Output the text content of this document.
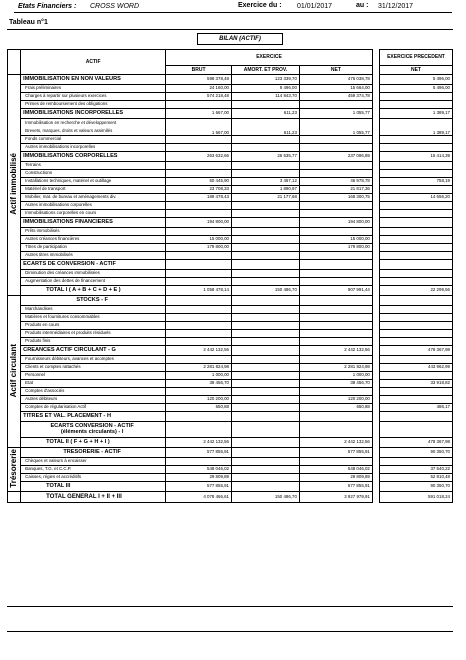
Etats Financiers : CROSS WORD	Exercice du : 01/01/2017	au : 31/12/2017
Tableau n°1
BILAN (ACTIF)
	ACTIF	EXERCICE				EXERCICE PRECEDENT
		BRUT	AMORT. ET PROV.	NET		NET
Actif immobilisé	IMMOBILISATION EN NON VALEURS	598 378,48	123 339,70	475 038,78		5 496,00
	Frais préliminaires	24 160,00	8 496,00	15 664,00		5 496,00
	Charges à repartir sur plusieurs exercices	574 218,48	114 843,70	459 374,78		
	Primes de remboursement des obligations					
	IMMOBILISATIONS INCORPORELLES	1 667,00	611,23	1 055,77		1 389,17

	Immobilisation en recherche et développement
Brevets, marques, droits et valeurs assimilés	1 667,00	611,23	1 055,77		1 389,17
	Fonds commercial					
	Autres immobilisations incorporelles					
	IMMOBILISATIONS CORPORELLES	263 632,66	26 535,77	237 096,89		15 414,39
	Terrains					
	Constructions					
	Installations techniques, matériel et outillage	50 445,90	3 467,12	46 978,78		758,19
	Matériel de transport	23 708,33	1 890,97	21 817,36		
	Mobilier, mat. de bureau et aménagements div.	189 478,43	21 177,68	168 300,75		14 656,20
	Autres immobilisations corporelles					
	Immobilisations corporelles en cours					
	IMMOBILISATIONS FINANCIERES	194 800,00		194 800,00		
	Prêts immobilisés					
	Autres créances financières	15 000,00		15 000,00		
	Titres de participation	179 800,00		179 800,00		
	Autres titres immobilisés					
	ECARTS DE CONVERSION - ACTIF					
	Diminution des créances immobilisées					
	Augmentation des dettes de financement					
	TOTAL I ( A + B + C + D + E )	1 058 478,14	150 486,70	907 991,44		22 299,56
Actif circulant	STOCKS - F					
	Marchandises					
	Matières et fournitures consommables					
	Produits en cours					
	Produits intermédiaires et produits résiduels					
	Produits finis					
	CREANCES ACTIF CIRCULANT - G	2 442 132,56		2 442 132,56		478 367,98
	Fournisseurs débiteurs, avances et acomptes					
	Clients et comptes rattachés	2 281 824,98		2 281 824,98		443 962,99
	Personnel	1 000,00		1 000,00		
	Etat	38 456,70		38 456,70		33 918,82
	Comptes d'associés					
	Autres débiteurs	120 200,00		120 200,00		
	Comptes de régularisation Actif	650,88		650,88		486,17
	TITRES ET VAL. PLACEMENT - H					

	ECARTS CONVERSION - ACTIF
(éléments circulants) - I					

	TOTAL II ( F + G + H + I )	2 442 132,56		2 442 132,56		478 367,98
Trésorerie	TRESORERIE - ACTIF	577 855,91		577 855,91		90 350,70
	Chèques et valeurs à encaisser					
	Banques, T.G. et C.C.P.	548 046,02		548 046,02		37 540,22
	Caisses, régies et accréditifs	29 809,89		29 809,89		52 810,48
	TOTAL III	577 855,91		577 855,91		90 350,70
	TOTAL GENERAL I + II + III	4 078 466,61	150 486,70	3 927 979,91		591 018,24
